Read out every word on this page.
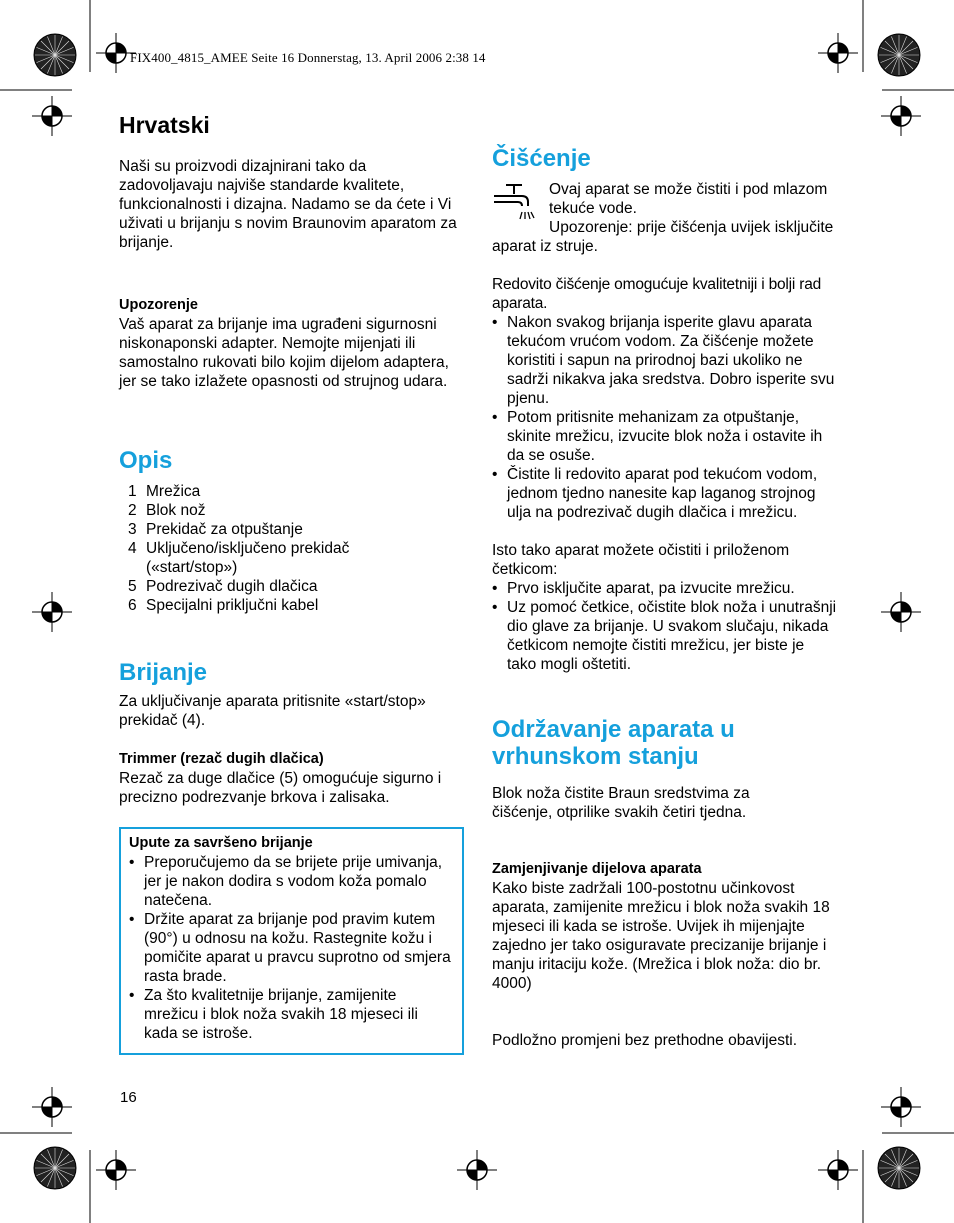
FIX400_4815_AMEE Seite 16 Donnerstag, 13. April 2006 2:38 14
Hrvatski

Naši su proizvodi dizajnirani tako da zadovoljavaju najviše standarde kvalitete, funkcionalnosti i dizajna. Nadamo se da ćete i Vi uživati u brijanju s novim Braunovim aparatom za brijanje.

Upozorenje

Vaš aparat za brijanje ima ugrađeni sigurnosni niskonaponski adapter. Nemojte mijenjati ili samostalno rukovati bilo kojim dijelom adaptera, jer se tako izlažete opasnosti od strujnog udara.

Opis
1 Mrežica
2 Blok nož
3 Prekidač za otpuštanje
4 Uključeno/isključeno prekidač («start/stop»)
5 Podrezivač dugih dlačica
6 Specijalni priključni kabel
Brijanje

Za uključivanje aparata pritisnite «start/stop» prekidač (4).

Trimmer (rezač dugih dlačica)

Rezač za duge dlačice (5) omogućuje sigurno i precizno podrezvanje brkova i zalisaka.

Upute za savršeno brijanje
• Preporučujemo da se brijete prije umivanja, jer je nakon dodira s vodom koža pomalo natečena.
• Držite aparat za brijanje pod pravim kutem (90°) u odnosu na kožu. Rastegnite kožu i pomičite aparat u pravcu suprotno od smjera rasta brade.
• Za što kvalitetnije brijanje, zamijenite mrežicu i blok noža svakih 18 mjeseci ili kada se istroše.
16
Čišćenje

Ovaj aparat se može čistiti i pod mlazom tekuće vode.

Upozorenje: prije čišćenja uvijek isključite aparat iz struje.

Redovito čišćenje omogućuje kvalitetniji i bolji rad aparata.

• Nakon svakog brijanja isperite glavu aparata tekućom vrućom vodom. Za čišćenje možete koristiti i sapun na prirodnoj bazi ukoliko ne sadrži nikakva jaka sredstva. Dobro isperite svu pjenu.
• Potom pritisnite mehanizam za otpuštanje, skinite mrežicu, izvucite blok noža i ostavite ih da se osuše.
• Čistite li redovito aparat pod tekućom vodom, jednom tjedno nanesite kap laganog strojnog ulja na podrezivač dugih dlačica i mrežicu.

Isto tako aparat možete očistiti i priloženom četkicom:

• Prvo isključite aparat, pa izvucite mrežicu.
• Uz pomoć četkice, očistite blok noža i unutrašnji dio glave za brijanje. U svakom slučaju, nikada četkicom nemojte čistiti mrežicu, jer biste je tako mogli oštetiti.
Održavanje aparata u vrhunskom stanju

Blok noža čistite Braun sredstvima za čišćenje, otprilike svakih četiri tjedna.

Zamjenjivanje dijelova aparata

Kako biste zadržali 100-postotnu učinkovost aparata, zamijenite mrežicu i blok noža svakih 18 mjeseci ili kada se istroše. Uvijek ih mijenjajte zajedno jer tako osiguravate precizanije brijanje i manju iritaciju kože. (Mrežica i blok noža: dio br. 4000)

Podložno promjeni bez prethodne obavijesti.
